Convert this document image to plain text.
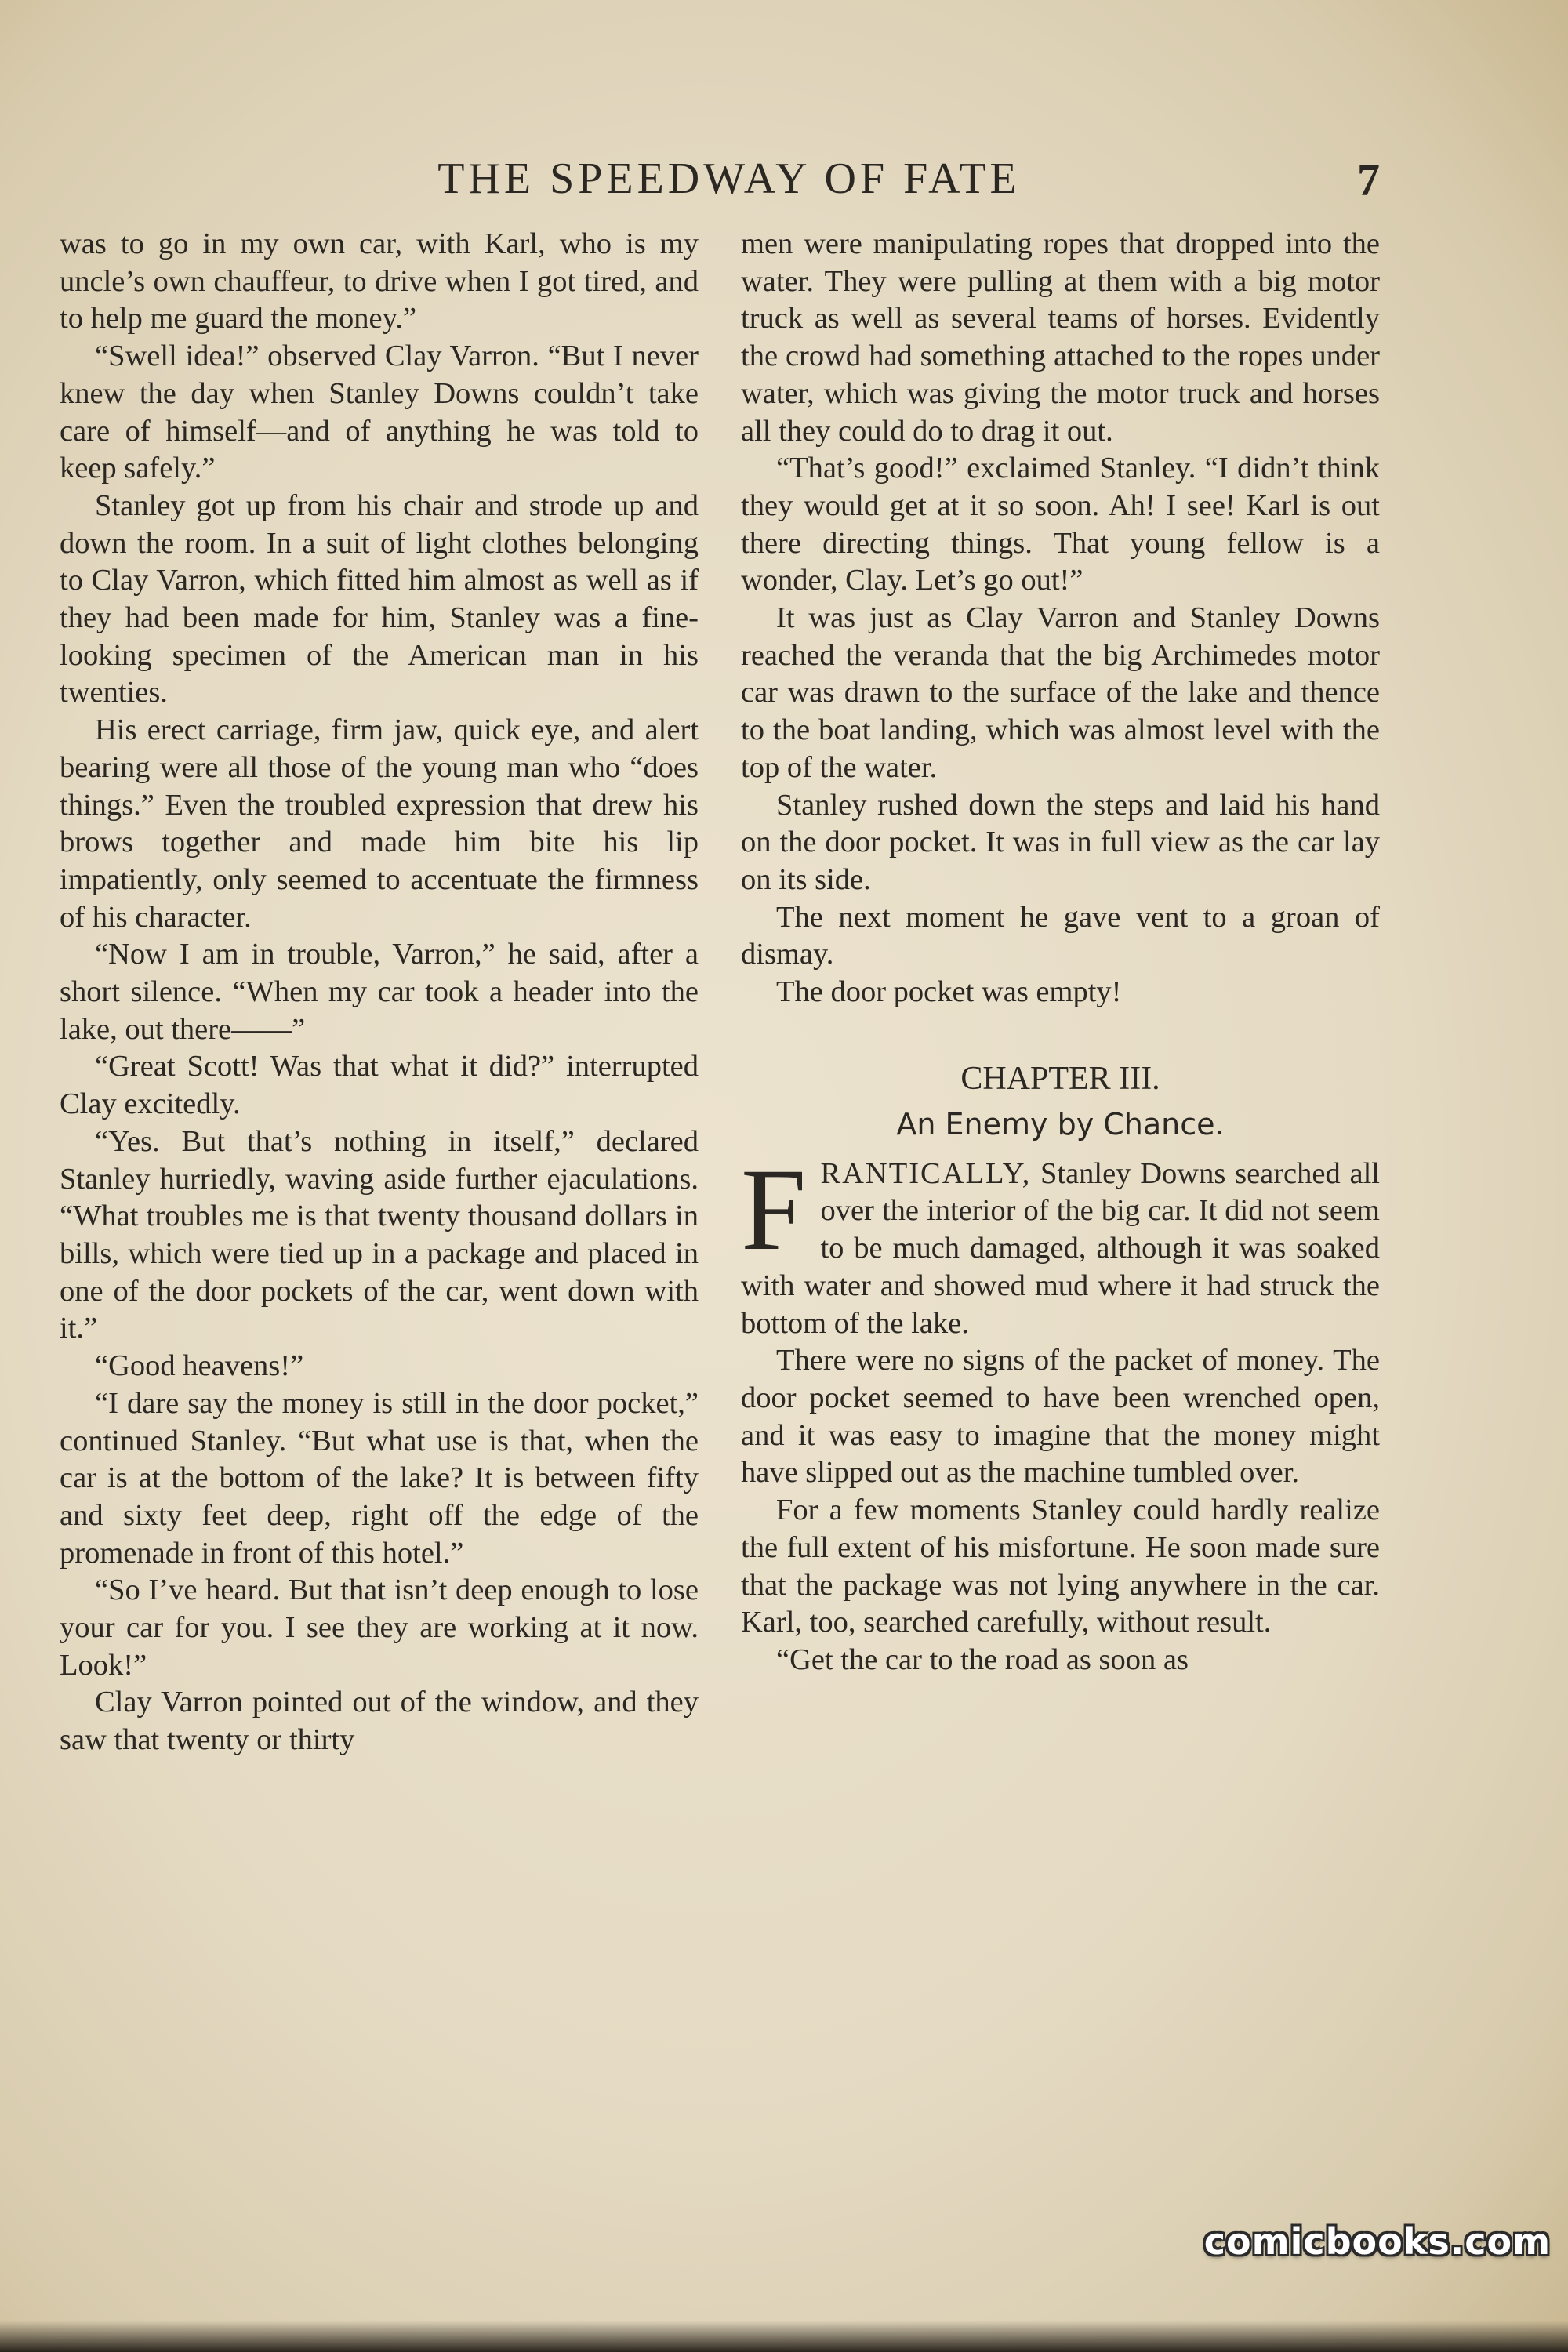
THE SPEEDWAY OF FATE	7

was to go in my own car, with Karl, who is my uncle’s own chauffeur, to drive when I got tired, and to help me guard the money.”

“Swell idea!” observed Clay Varron. “But I never knew the day when Stanley Downs couldn’t take care of himself—and of anything he was told to keep safely.”

Stanley got up from his chair and strode up and down the room. In a suit of light clothes belonging to Clay Varron, which fitted him almost as well as if they had been made for him, Stanley was a fine-looking specimen of the American man in his twenties.

His erect carriage, firm jaw, quick eye, and alert bearing were all those of the young man who “does things.” Even the troubled expression that drew his brows together and made him bite his lip impatiently, only seemed to accentuate the firmness of his character.

“Now I am in trouble, Varron,” he said, after a short silence. “When my car took a header into the lake, out there——”

“Great Scott! Was that what it did?” interrupted Clay excitedly.

“Yes. But that’s nothing in itself,” declared Stanley hurriedly, waving aside further ejaculations. “What troubles me is that twenty thousand dollars in bills, which were tied up in a package and placed in one of the door pockets of the car, went down with it.”

“Good heavens!”

“I dare say the money is still in the door pocket,” continued Stanley. “But what use is that, when the car is at the bottom of the lake? It is between fifty and sixty feet deep, right off the edge of the promenade in front of this hotel.”

“So I’ve heard. But that isn’t deep enough to lose your car for you. I see they are working at it now. Look!”

Clay Varron pointed out of the window, and they saw that twenty or thirty

men were manipulating ropes that dropped into the water. They were pulling at them with a big motor truck as well as several teams of horses. Evidently the crowd had something attached to the ropes under water, which was giving the motor truck and horses all they could do to drag it out.

“That’s good!” exclaimed Stanley. “I didn’t think they would get at it so soon. Ah! I see! Karl is out there directing things. That young fellow is a wonder, Clay. Let’s go out!”

It was just as Clay Varron and Stanley Downs reached the veranda that the big Archimedes motor car was drawn to the surface of the lake and thence to the boat landing, which was almost level with the top of the water.

Stanley rushed down the steps and laid his hand on the door pocket. It was in full view as the car lay on its side.

The next moment he gave vent to a groan of dismay.

The door pocket was empty!

CHAPTER III.
An Enemy by Chance.

FRANTICALLY, Stanley Downs searched all over the interior of the big car. It did not seem to be much damaged, although it was soaked with water and showed mud where it had struck the bottom of the lake.

There were no signs of the packet of money. The door pocket seemed to have been wrenched open, and it was easy to imagine that the money might have slipped out as the machine tumbled over.

For a few moments Stanley could hardly realize the full extent of his misfortune. He soon made sure that the package was not lying anywhere in the car. Karl, too, searched carefully, without result.

“Get the car to the road as soon as

comicbooks.com
